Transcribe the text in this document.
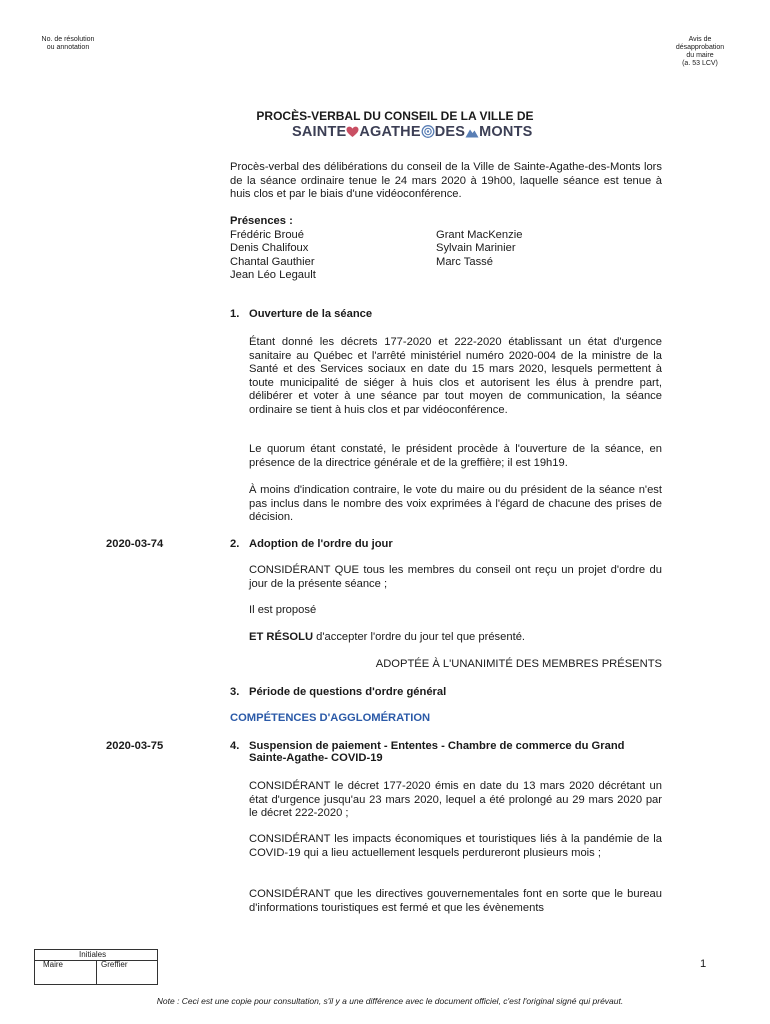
No. de résolution
ou annotation
Avis de
désapprobation
du maire
(a. 53 LCV)
PROCÈS-VERBAL DU CONSEIL DE LA VILLE DE
SAINTE AGATHE DES MONTS
Procès-verbal des délibérations du conseil de la Ville de Sainte-Agathe-des-Monts lors de la séance ordinaire tenue le 24 mars 2020 à 19h00, laquelle séance est tenue à huis clos et par le biais d'une vidéoconférence.
Présences :
Frédéric Broué
Denis Chalifoux
Chantal Gauthier
Jean Léo Legault
Grant MacKenzie
Sylvain Marinier
Marc Tassé
1. Ouverture de la séance
Étant donné les décrets 177-2020 et 222-2020 établissant un état d'urgence sanitaire au Québec et l'arrêté ministériel numéro 2020-004 de la ministre de la Santé et des Services sociaux en date du 15 mars 2020, lesquels permettent à toute municipalité de siéger à huis clos et autorisent les élus à prendre part, délibérer et voter à une séance par tout moyen de communication, la séance ordinaire se tient à huis clos et par vidéoconférence.
Le quorum étant constaté, le président procède à l'ouverture de la séance, en présence de la directrice générale et de la greffière; il est 19h19.
À moins d'indication contraire, le vote du maire ou du président de la séance n'est pas inclus dans le nombre des voix exprimées à l'égard de chacune des prises de décision.
2020-03-74	2. Adoption de l'ordre du jour
CONSIDÉRANT QUE tous les membres du conseil ont reçu un projet d'ordre du jour de la présente séance ;
Il est proposé
ET RÉSOLU d'accepter l'ordre du jour tel que présenté.
ADOPTÉE À L'UNANIMITÉ DES MEMBRES PRÉSENTS
3. Période de questions d'ordre général
COMPÉTENCES D'AGGLOMÉRATION
2020-03-75	4. Suspension de paiement - Ententes - Chambre de commerce du Grand
Sainte-Agathe- COVID-19
CONSIDÉRANT le décret 177-2020 émis en date du 13 mars 2020 décrétant un état d'urgence jusqu'au 23 mars 2020, lequel a été prolongé au 29 mars 2020 par le décret 222-2020 ;
CONSIDÉRANT les impacts économiques et touristiques liés à la pandémie de la COVID-19 qui a lieu actuellement lesquels perdureront plusieurs mois ;
CONSIDÉRANT que les directives gouvernementales font en sorte que le bureau d'informations touristiques est fermé et que les évènements
Initiales
Maire	Greffier	1
Note : Ceci est une copie pour consultation, s'il y a une différence avec le document officiel, c'est l'original signé qui prévaut.
